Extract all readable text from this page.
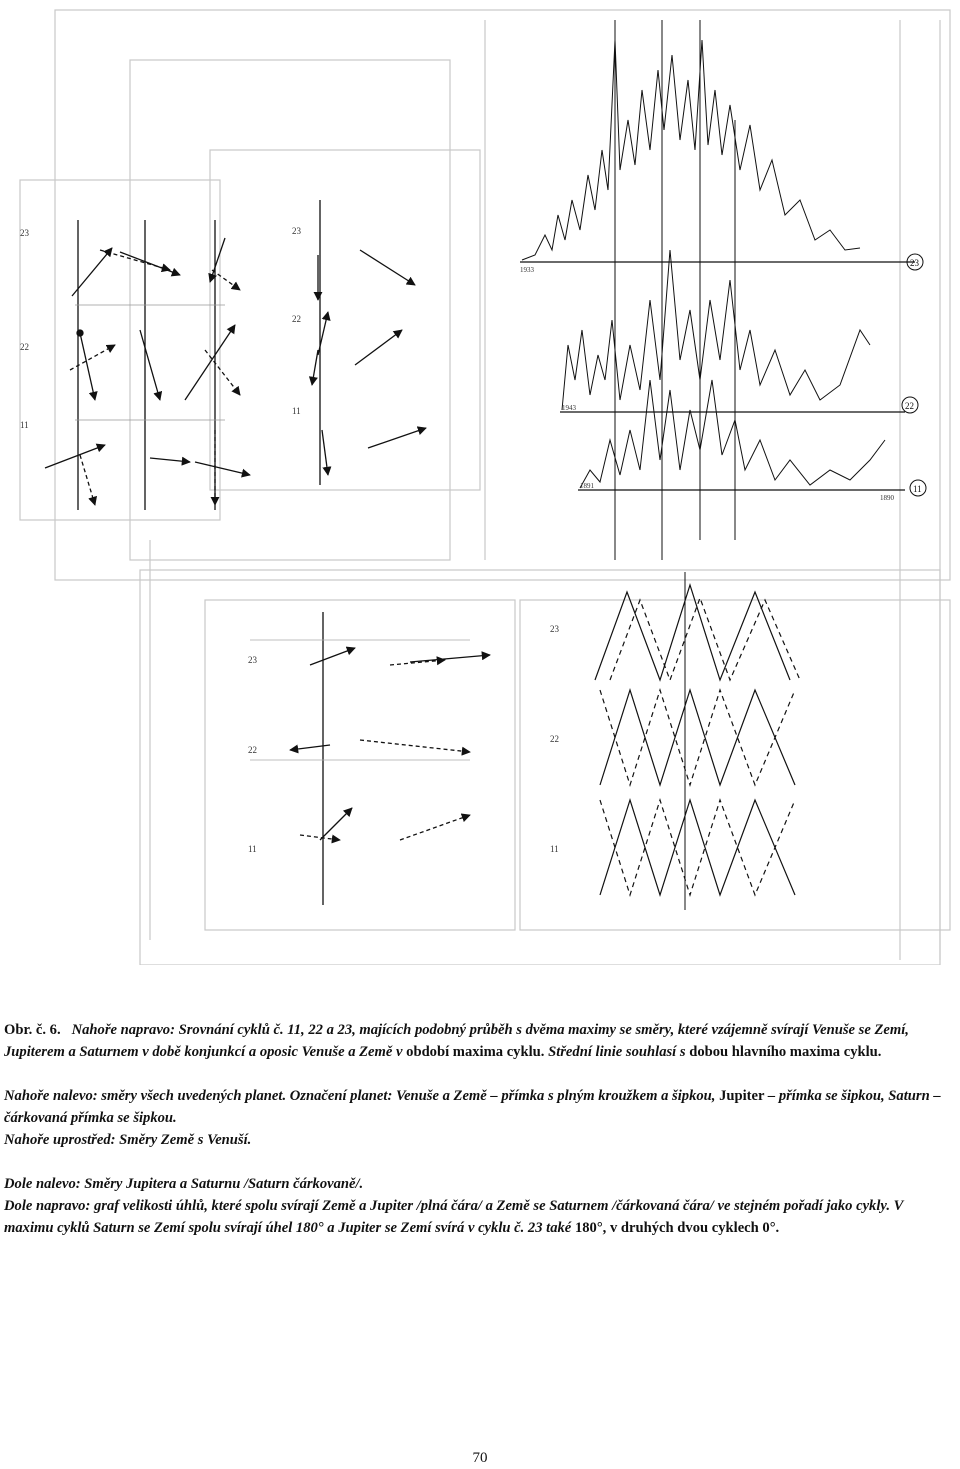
23
22
11
23
22
11
1933
1943
1891
1890
23
22
11
23
22
11
23
22
11

Obr. č. 6. Nahoře napravo: Srovnání cyklů č. 11, 22 a 23, majících podobný průběh s dvěma maximy se směry, které vzájemně svírají Venuše se Zemí, Jupiterem a Saturnem v době konjunkcí a oposic Venuše a Země v období maxima cyklu. Střední linie souhlasí s dobou hlavního maxima cyklu.

Nahoře nalevo: směry všech uvedených planet. Označení planet: Venuše a Země – přímka s plným kroužkem a šipkou, Jupiter – přímka se šipkou, Saturn – čárkovaná přímka se šipkou.

Nahoře uprostřed: Směry Země s Venuší.

Dole nalevo: Směry Jupitera a Saturnu /Saturn čárkovaně/.

Dole napravo: graf velikosti úhlů, které spolu svírají Země a Jupiter /plná čára/ a Země se Saturnem /čárkovaná čára/ ve stejném pořadí jako cykly. V maximu cyklů Saturn se Zemí spolu svírají úhel 180° a Jupiter se Zemí svírá v cyklu č. 23 také 180°, v druhých dvou cyklech 0°.

70
